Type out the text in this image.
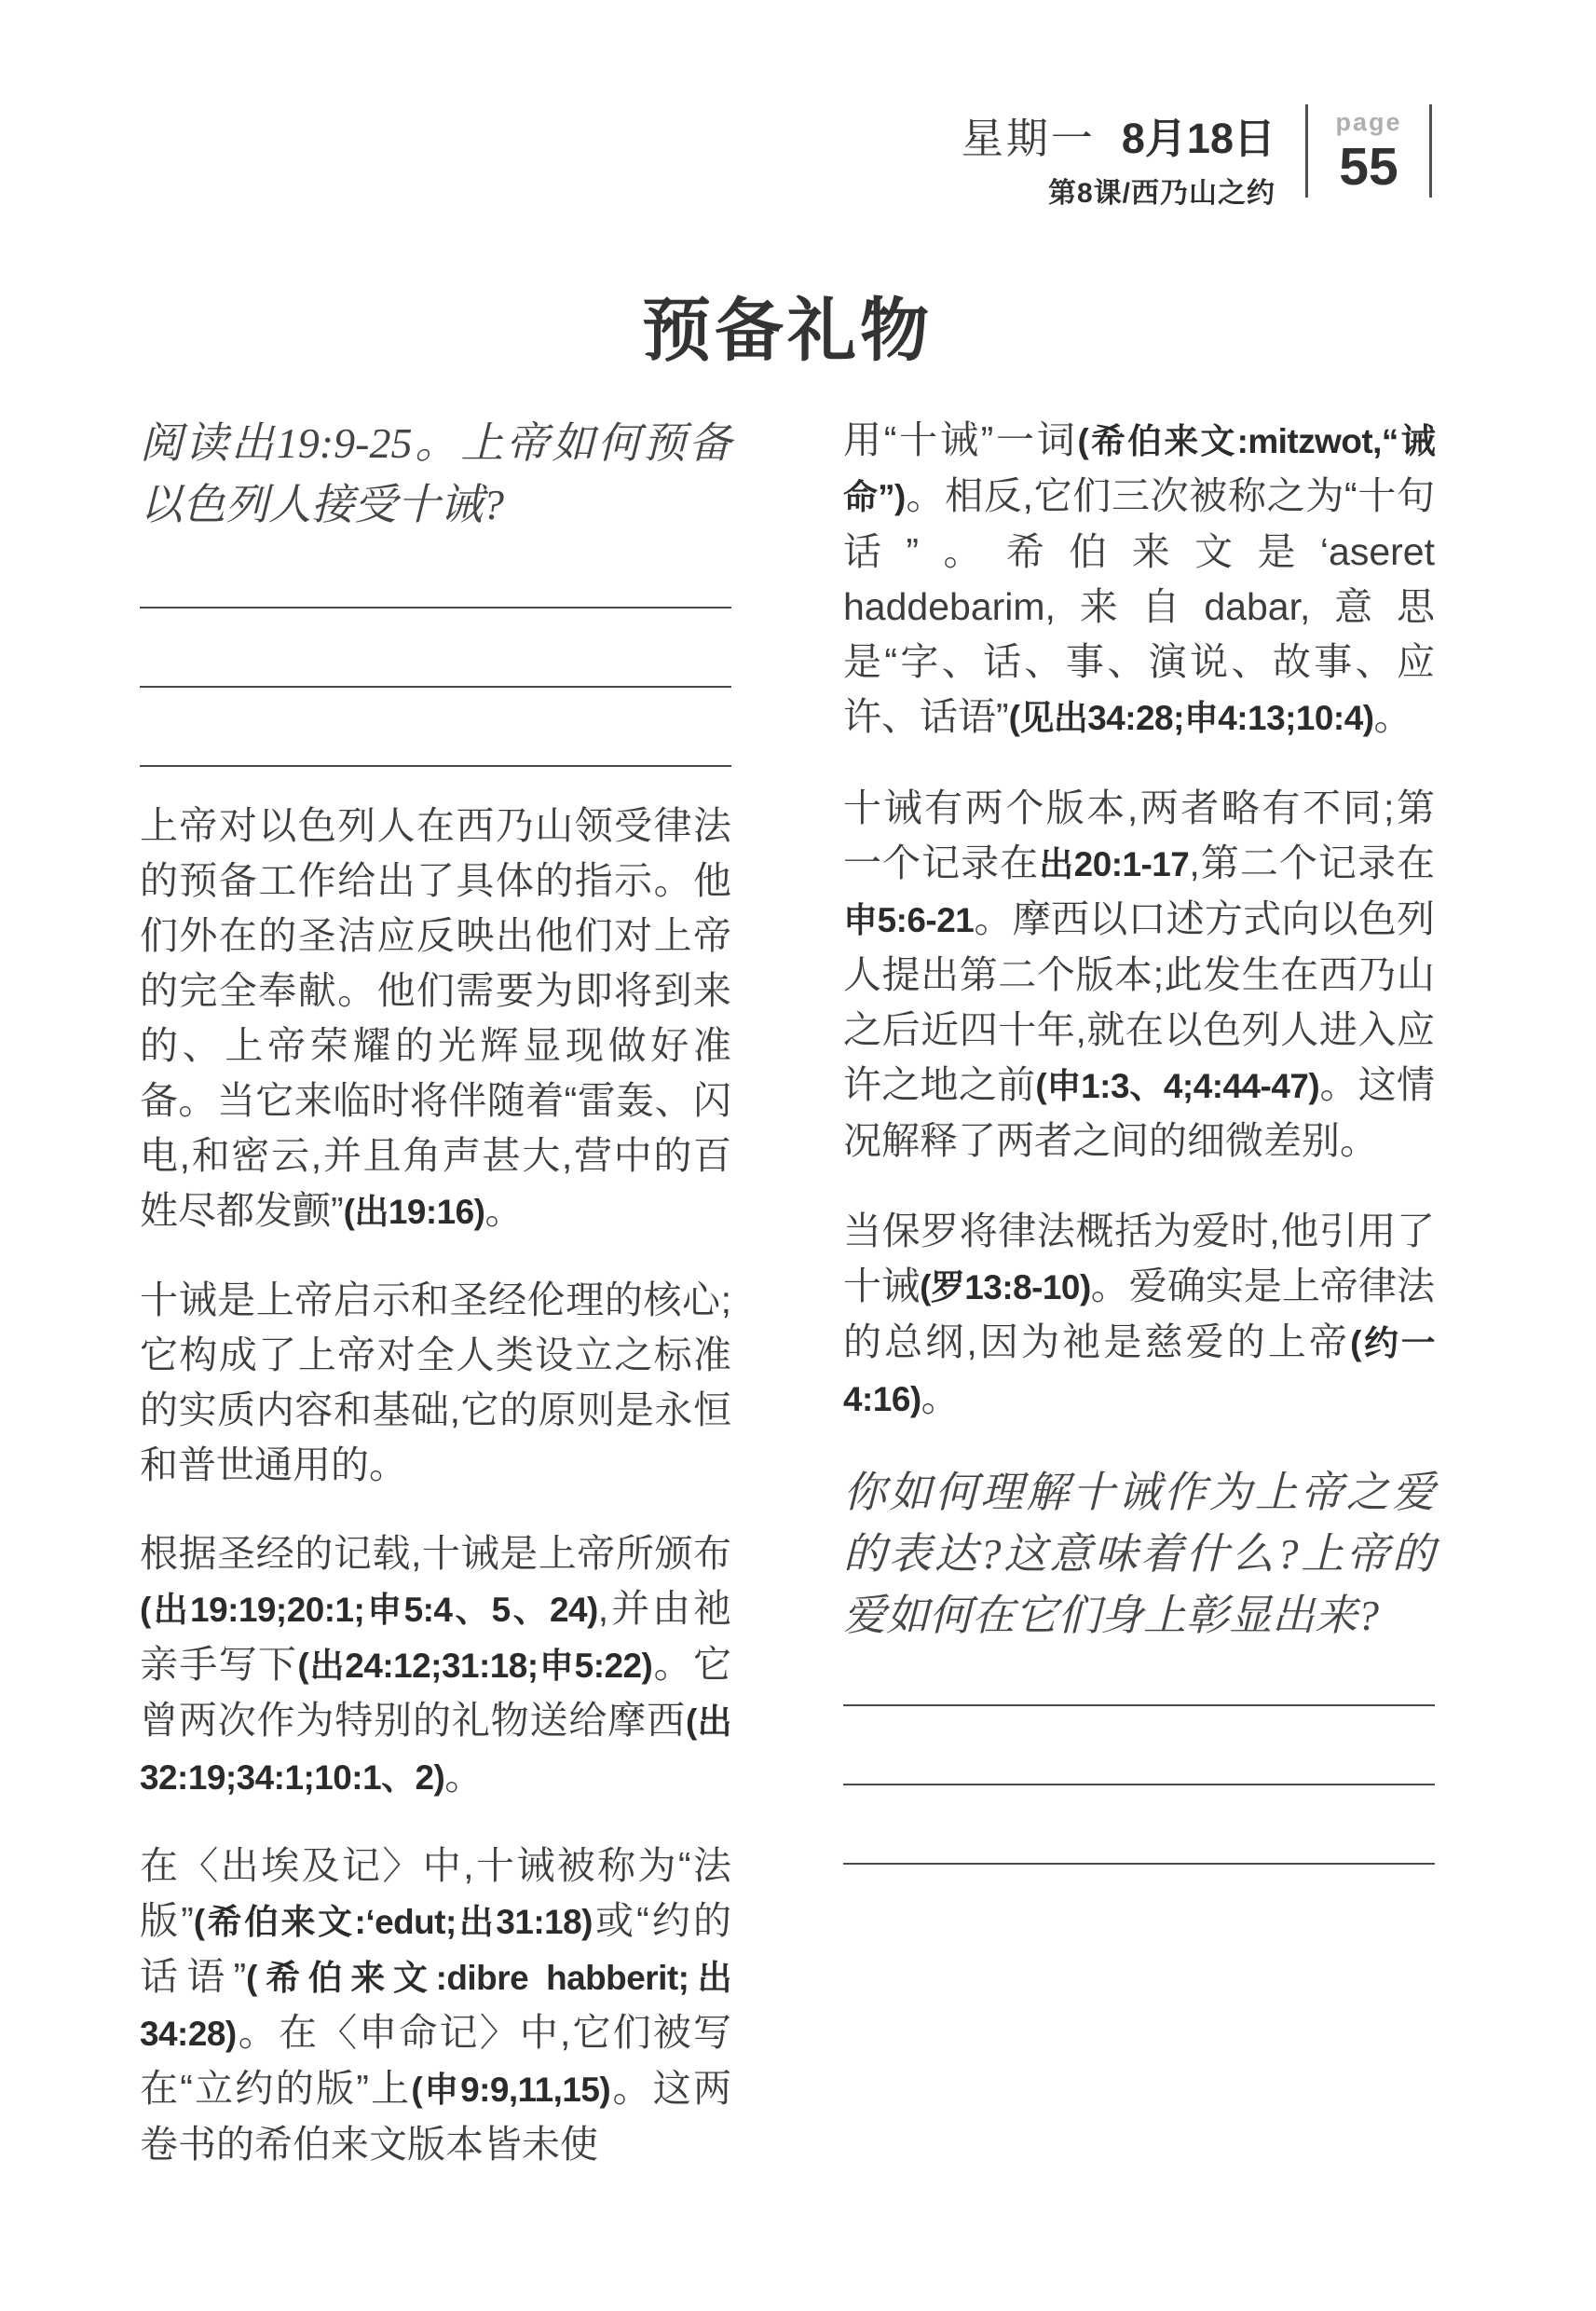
星期一 8月18日
第8课/西乃山之约
page
55
预备礼物
阅读出19:9-25。上帝如何预备以色列人接受十诫?

上帝对以色列人在西乃山领受律法的预备工作给出了具体的指示。他们外在的圣洁应反映出他们对上帝的完全奉献。他们需要为即将到来的、上帝荣耀的光辉显现做好准备。当它来临时将伴随着“雷轰、闪电,和密云,并且角声甚大,营中的百姓尽都发颤”(出19:16)。

十诫是上帝启示和圣经伦理的核心;它构成了上帝对全人类设立之标准的实质内容和基础,它的原则是永恒和普世通用的。

根据圣经的记载,十诫是上帝所颁布(出19:19;20:1;申5:4、5、24),并由祂亲手写下(出24:12;31:18;申5:22)。它曾两次作为特别的礼物送给摩西(出32:19;34:1;10:1、2)。

在〈出埃及记〉中,十诫被称为“法版”(希伯来文:‘edut;出31:18)或“约的话语”(希伯来文:dibre habberit;出34:28)。在〈申命记〉中,它们被写在“立约的版”上(申9:9,11,15)。这两卷书的希伯来文版本皆未使

用“十诫”一词(希伯来文:mitzwot,“诫命”)。相反,它们三次被称之为“十句话”。希伯来文是‘aseret haddebarim,来自dabar,意思是“字、话、事、演说、故事、应许、话语”(见出34:28;申4:13;10:4)。

十诫有两个版本,两者略有不同;第一个记录在出20:1-17,第二个记录在申5:6-21。摩西以口述方式向以色列人提出第二个版本;此发生在西乃山之后近四十年,就在以色列人进入应许之地之前(申1:3、4;4:44-47)。这情况解释了两者之间的细微差别。

当保罗将律法概括为爱时,他引用了十诫(罗13:8-10)。爱确实是上帝律法的总纲,因为祂是慈爱的上帝(约一4:16)。

你如何理解十诫作为上帝之爱的表达?这意味着什么?上帝的爱如何在它们身上彰显出来?
